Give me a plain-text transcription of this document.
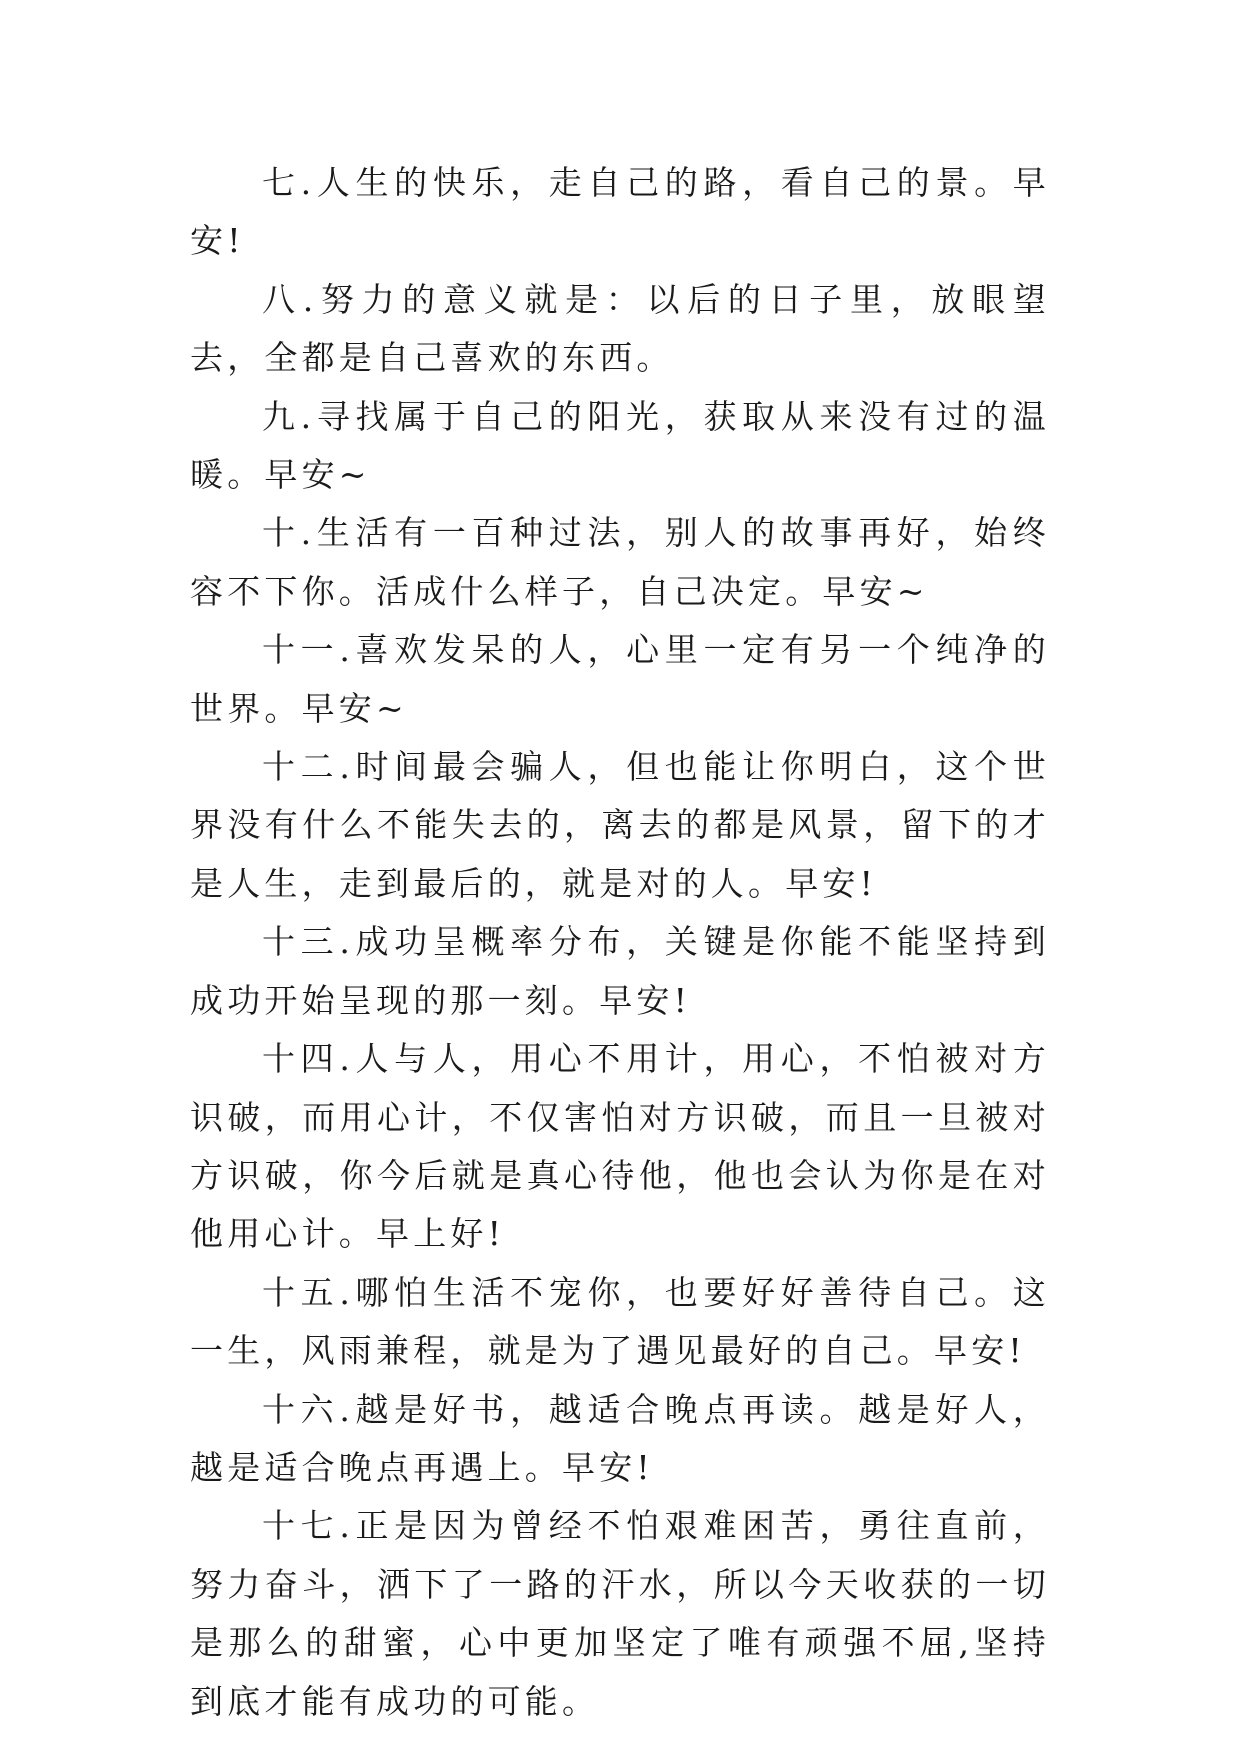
七.人生的快乐，走自己的路，看自己的景。早安!

八.努力的意义就是：以后的日子里，放眼望去，全都是自己喜欢的东西。

九.寻找属于自己的阳光，获取从来没有过的温暖。早安~

十.生活有一百种过法，别人的故事再好，始终容不下你。活成什么样子，自己决定。早安~

十一.喜欢发呆的人，心里一定有另一个纯净的世界。早安~

十二.时间最会骗人，但也能让你明白，这个世界没有什么不能失去的，离去的都是风景，留下的才是人生，走到最后的，就是对的人。早安!

十三.成功呈概率分布，关键是你能不能坚持到成功开始呈现的那一刻。早安!

十四.人与人，用心不用计，用心，不怕被对方识破，而用心计，不仅害怕对方识破，而且一旦被对方识破，你今后就是真心待他，他也会认为你是在对他用心计。早上好!

十五.哪怕生活不宠你，也要好好善待自己。这一生，风雨兼程，就是为了遇见最好的自己。早安!

十六.越是好书，越适合晚点再读。越是好人，越是适合晚点再遇上。早安!

十七.正是因为曾经不怕艰难困苦，勇往直前，努力奋斗，洒下了一路的汗水，所以今天收获的一切是那么的甜蜜，心中更加坚定了唯有顽强不屈,坚持到底才能有成功的可能。
